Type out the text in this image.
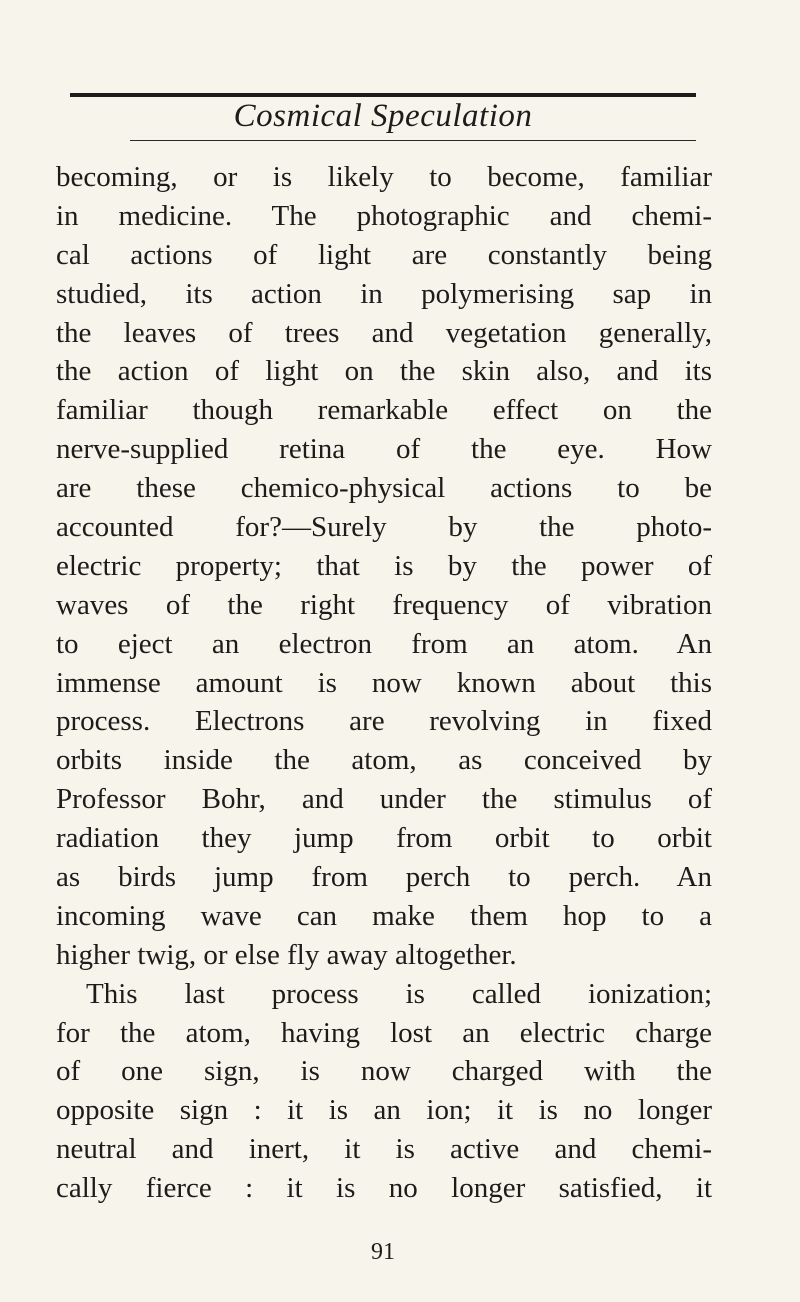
Cosmical Speculation
becoming, or is likely to become, familiar
in medicine. The photographic and chemi-
cal actions of light are constantly being
studied, its action in polymerising sap in
the leaves of trees and vegetation generally,
the action of light on the skin also, and its
familiar though remarkable effect on the
nerve-supplied retina of the eye. How
are these chemico-physical actions to be
accounted for?—Surely by the photo-
electric property; that is by the power of
waves of the right frequency of vibration
to eject an electron from an atom. An
immense amount is now known about this
process. Electrons are revolving in fixed
orbits inside the atom, as conceived by
Professor Bohr, and under the stimulus of
radiation they jump from orbit to orbit
as birds jump from perch to perch. An
incoming wave can make them hop to a
higher twig, or else fly away altogether.
This last process is called ionization;
for the atom, having lost an electric charge
of one sign, is now charged with the
opposite sign : it is an ion; it is no longer
neutral and inert, it is active and chemi-
cally fierce : it is no longer satisfied, it
91
